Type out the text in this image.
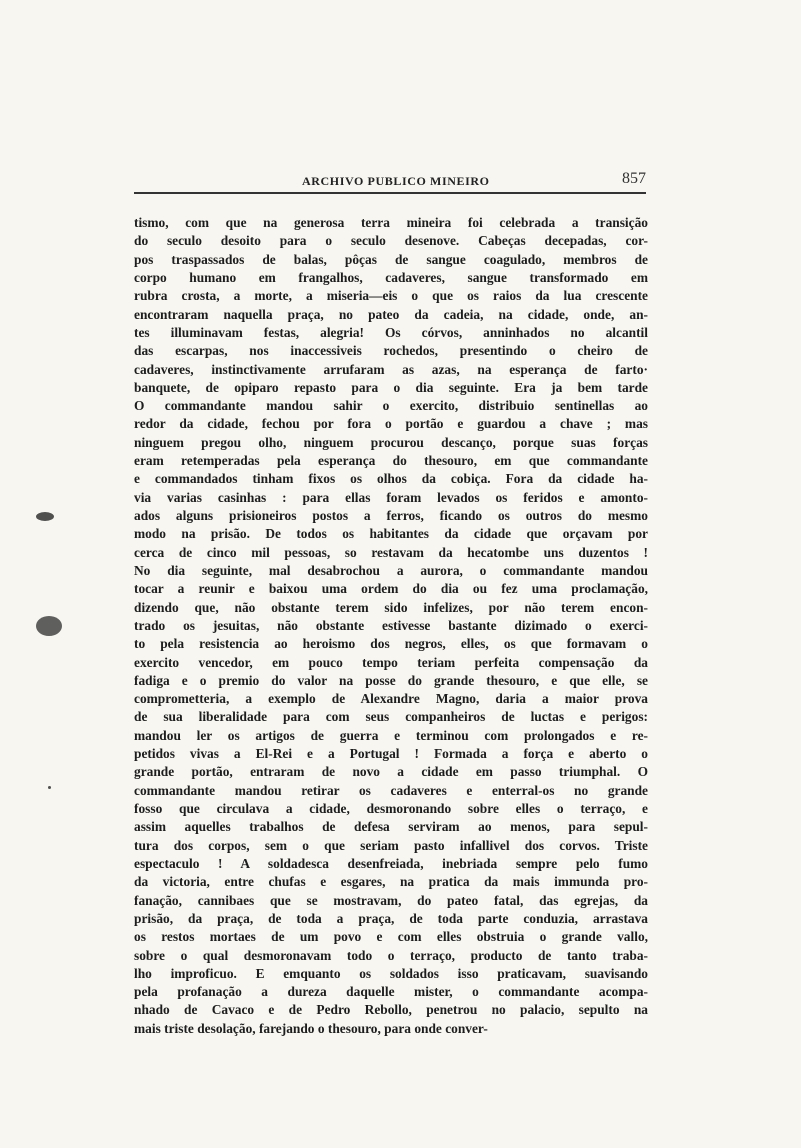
ARCHIVO PUBLICO MINEIRO	857
tismo, com que na generosa terra mineira foi celebrada a transição
do seculo desoito para o seculo desenove. Cabeças decepadas, cor-
pos traspassados de balas, pôças de sangue coagulado, membros de
corpo humano em frangalhos, cadaveres, sangue transformado em
rubra crosta, a morte, a miseria—eis o que os raios da lua crescente
encontraram naquella praça, no pateo da cadeia, na cidade, onde, an-
tes illuminavam festas, alegria! Os córvos, anninhados no alcantil
das escarpas, nos inaccessiveis rochedos, presentindo o cheiro de
cadaveres, instinctivamente arrufaram as azas, na esperança de farto·
banquete, de opiparo repasto para o dia seguinte. Era ja bem tarde
O commandante mandou sahir o exercito, distribuio sentinellas ao
redor da cidade, fechou por fora o portão e guardou a chave ; mas
ninguem pregou olho, ninguem procurou descanço, porque suas forças
eram retemperadas pela esperança do thesouro, em que commandante
e commandados tinham fixos os olhos da cobiça. Fora da cidade ha-
via varias casinhas : para ellas foram levados os feridos e amonto-
ados alguns prisioneiros postos a ferros, ficando os outros do mesmo
modo na prisão. De todos os habitantes da cidade que orçavam por
cerca de cinco mil pessoas, so restavam da hecatombe uns duzentos !
No dia seguinte, mal desabrochou a aurora, o commandante mandou
tocar a reunir e baixou uma ordem do dia ou fez uma proclamação,
dizendo que, não obstante terem sido infelizes, por não terem encon-
trado os jesuitas, não obstante estivesse bastante dizimado o exerci-
to pela resistencia ao heroismo dos negros, elles, os que formavam o
exercito vencedor, em pouco tempo teriam perfeita compensação da
fadiga e o premio do valor na posse do grande thesouro, e que elle, se
comprometteria, a exemplo de Alexandre Magno, daria a maior prova
de sua liberalidade para com seus companheiros de luctas e perigos:
mandou ler os artigos de guerra e terminou com prolongados e re-
petidos vivas a El-Rei e a Portugal ! Formada a força e aberto o
grande portão, entraram de novo a cidade em passo triumphal. O
commandante mandou retirar os cadaveres e enterral-os no grande
fosso que circulava a cidade, desmoronando sobre elles o terraço, e
assim aquelles trabalhos de defesa serviram ao menos, para sepul-
tura dos corpos, sem o que seriam pasto infallivel dos corvos. Triste
espectaculo ! A soldadesca desenfreiada, inebriada sempre pelo fumo
da victoria, entre chufas e esgares, na pratica da mais immunda pro-
fanação, cannibaes que se mostravam, do pateo fatal, das egrejas, da
prisão, da praça, de toda a praça, de toda parte conduzia, arrastava
os restos mortaes de um povo e com elles obstruia o grande vallo,
sobre o qual desmoronavam todo o terraço, producto de tanto traba-
lho improficuo. E emquanto os soldados isso praticavam, suavisando
pela profanação a dureza daquelle mister, o commandante acompa-
nhado de Cavaco e de Pedro Rebollo, penetrou no palacio, sepulto na
mais triste desolação, farejando o thesouro, para onde conver-
